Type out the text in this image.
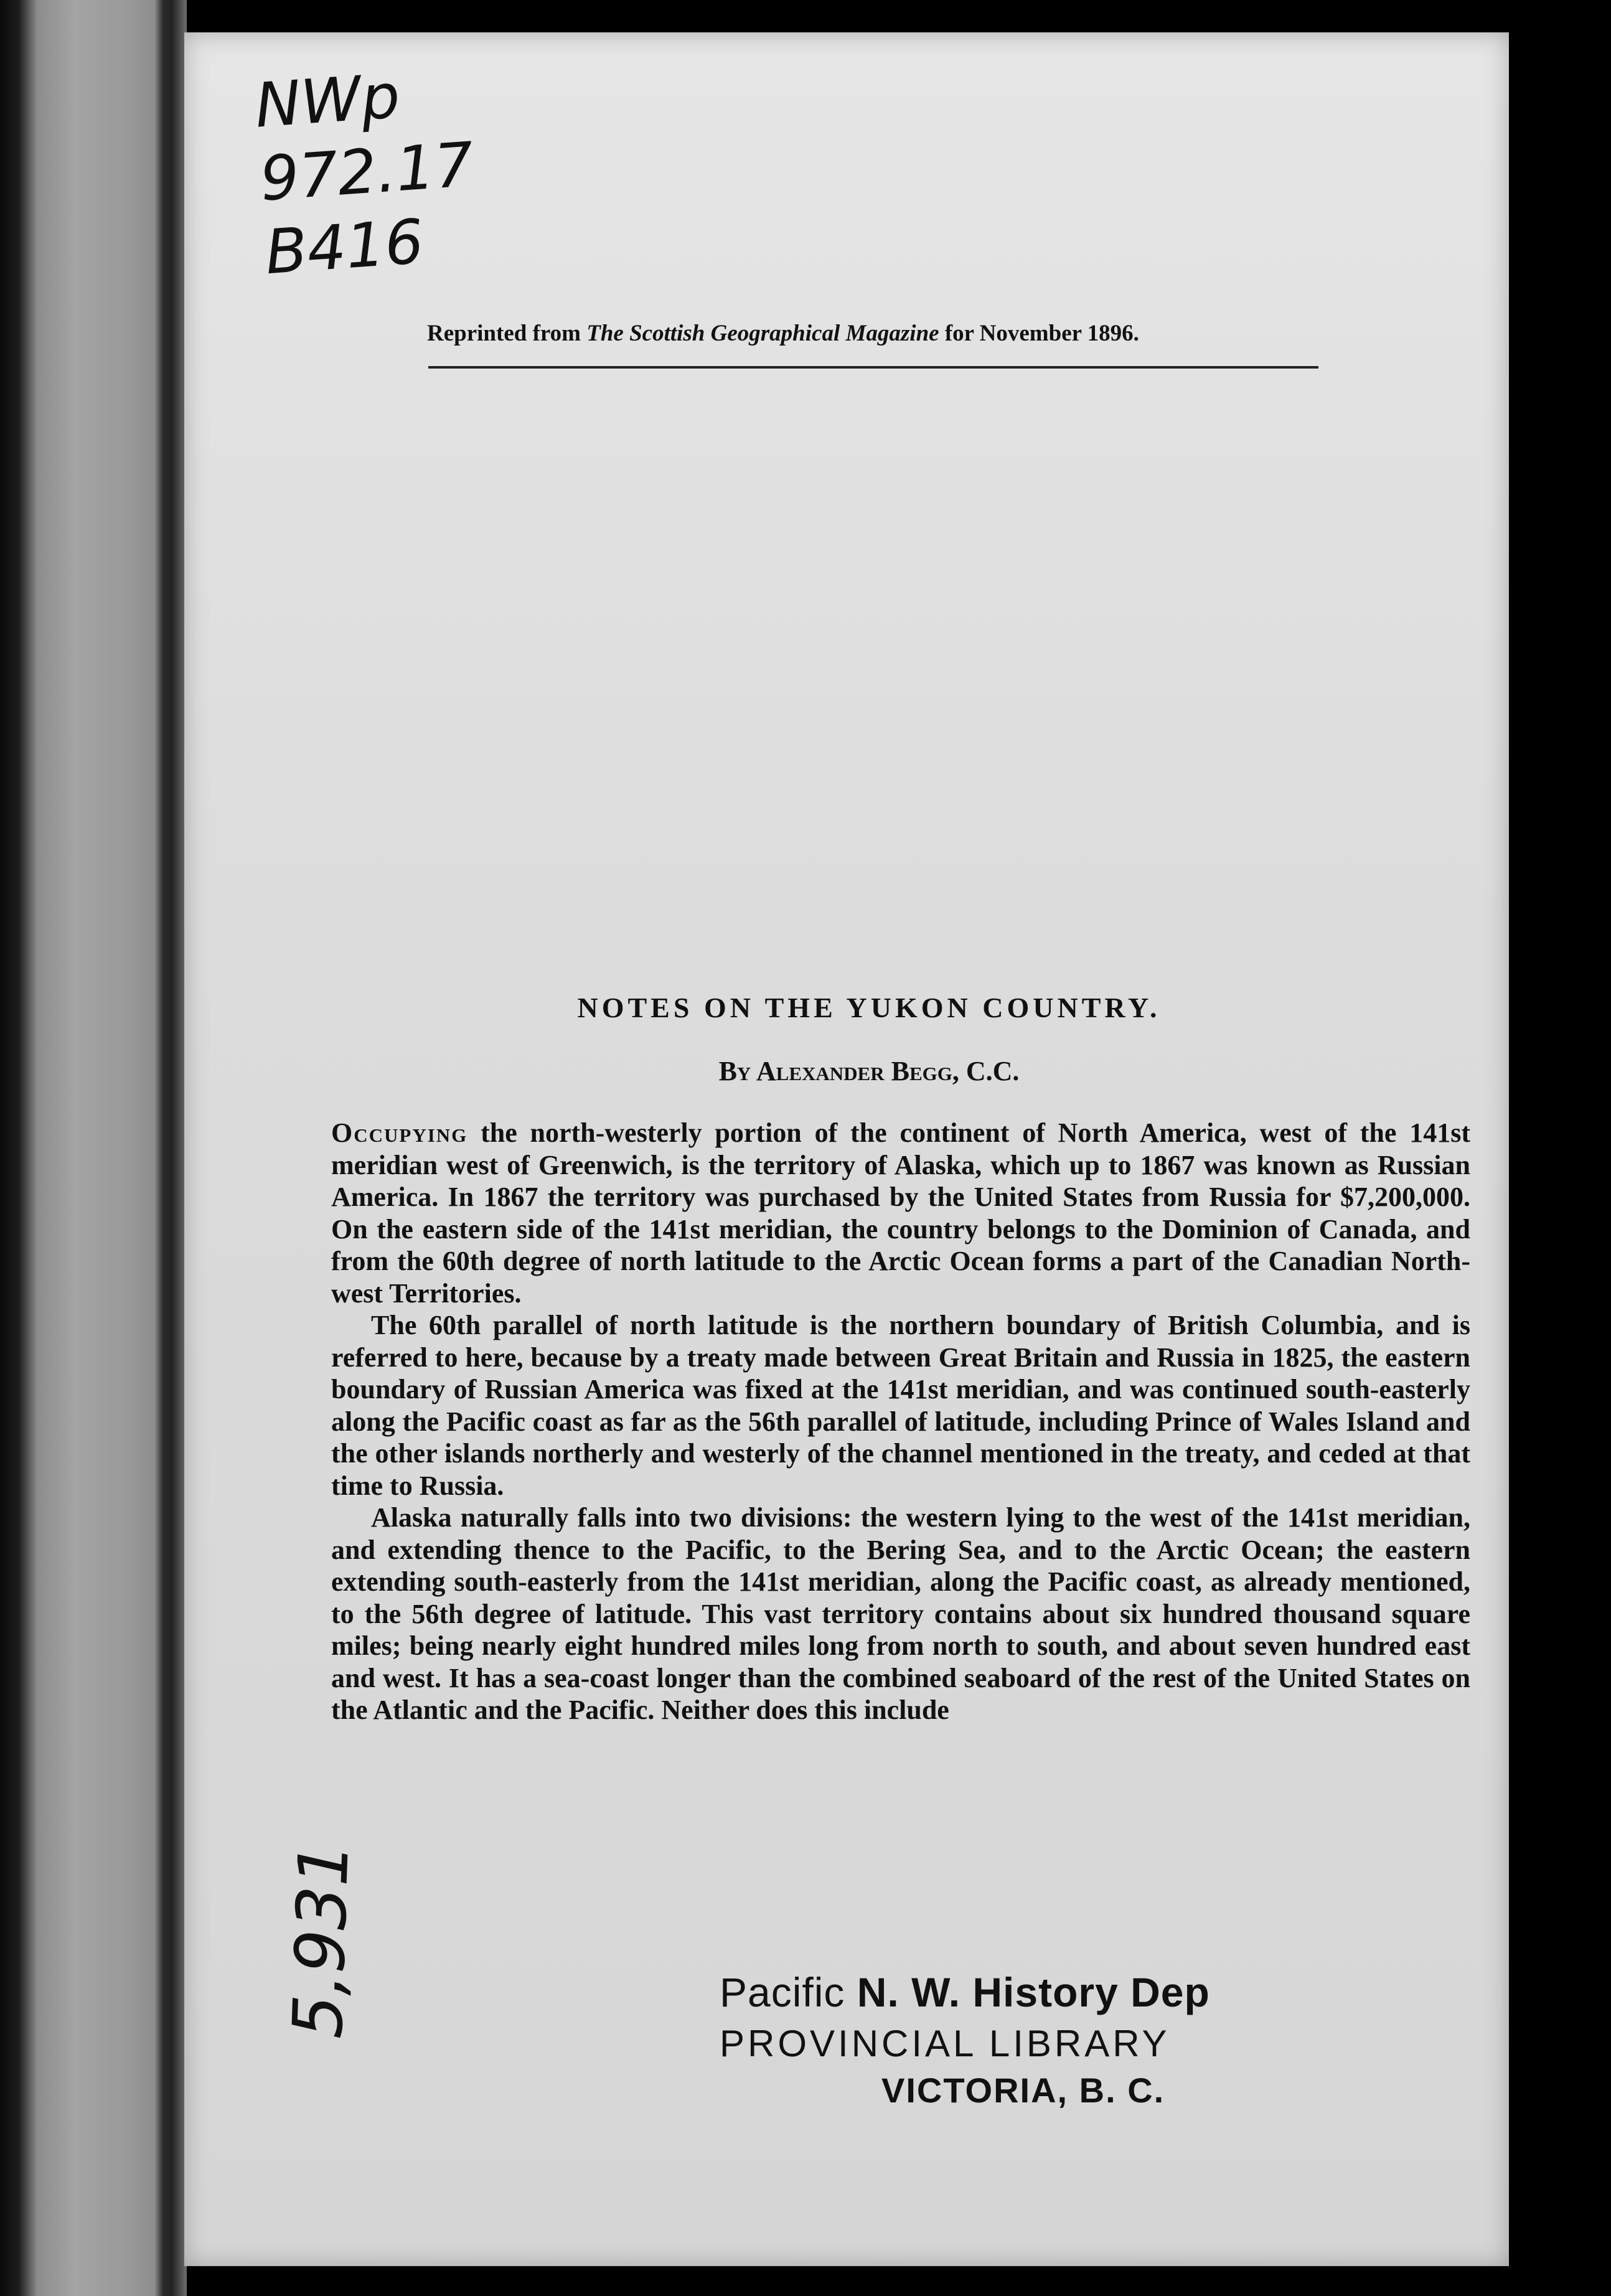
NWp
972.17
B416

Reprinted from The Scottish Geographical Magazine for November 1896.

NOTES ON THE YUKON COUNTRY.

By Alexander Begg, C.C.

Occupying the north-westerly portion of the continent of North America, west of the 141st meridian west of Greenwich, is the territory of Alaska, which up to 1867 was known as Russian America. In 1867 the territory was purchased by the United States from Russia for $7,200,000. On the eastern side of the 141st meridian, the country belongs to the Dominion of Canada, and from the 60th degree of north latitude to the Arctic Ocean forms a part of the Canadian North-west Territories.

The 60th parallel of north latitude is the northern boundary of British Columbia, and is referred to here, because by a treaty made between Great Britain and Russia in 1825, the eastern boundary of Russian America was fixed at the 141st meridian, and was continued south-easterly along the Pacific coast as far as the 56th parallel of latitude, including Prince of Wales Island and the other islands northerly and westerly of the channel mentioned in the treaty, and ceded at that time to Russia.

Alaska naturally falls into two divisions: the western lying to the west of the 141st meridian, and extending thence to the Pacific, to the Bering Sea, and to the Arctic Ocean; the eastern extending south-easterly from the 141st meridian, along the Pacific coast, as already mentioned, to the 56th degree of latitude. This vast territory contains about six hundred thousand square miles; being nearly eight hundred miles long from north to south, and about seven hundred east and west. It has a sea-coast longer than the combined seaboard of the rest of the United States on the Atlantic and the Pacific. Neither does this include

5,931	Pacific N. W. History Dep
PROVINCIAL LIBRARY
VICTORIA, B. C.
